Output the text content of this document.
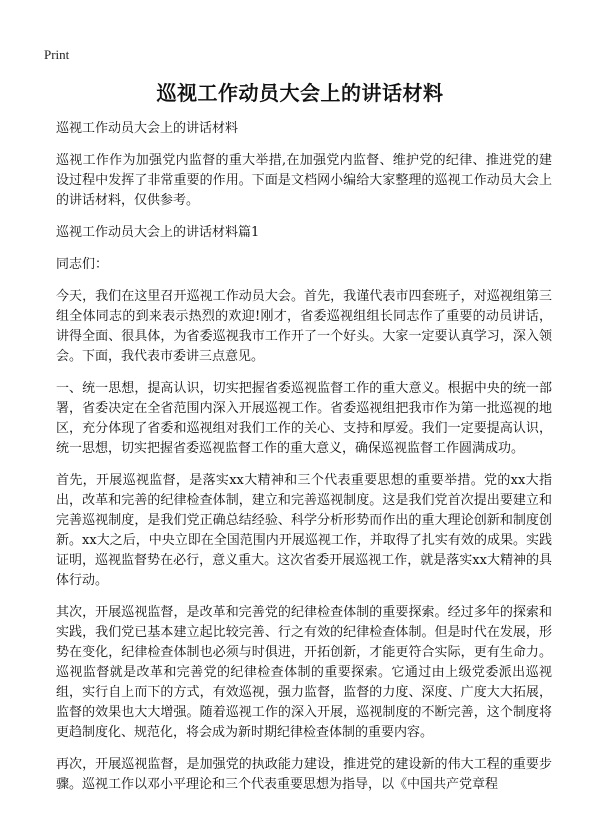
Print
巡视工作动员大会上的讲话材料

巡视工作动员大会上的讲话材料

巡视工作作为加强党内监督的重大举措,在加强党内监督、维护党的纪律、推进党的建设过程中发挥了非常重要的作用。下面是文档网小编给大家整理的巡视工作动员大会上的讲话材料，仅供参考。

巡视工作动员大会上的讲话材料篇1

同志们：

今天，我们在这里召开巡视工作动员大会。首先，我谨代表市四套班子，对巡视组第三组全体同志的到来表示热烈的欢迎!刚才，省委巡视组组长同志作了重要的动员讲话，讲得全面、很具体，为省委巡视我市工作开了一个好头。大家一定要认真学习，深入领会。下面，我代表市委讲三点意见。

一、统一思想，提高认识，切实把握省委巡视监督工作的重大意义。根据中央的统一部署，省委决定在全省范围内深入开展巡视工作。省委巡视组把我市作为第一批巡视的地区，充分体现了省委和巡视组对我们工作的关心、支持和厚爱。我们一定要提高认识，统一思想，切实把握省委巡视监督工作的重大意义，确保巡视监督工作圆满成功。

首先，开展巡视监督，是落实xx大精神和三个代表重要思想的重要举措。党的xx大指出，改革和完善的纪律检查体制，建立和完善巡视制度。这是我们党首次提出要建立和完善巡视制度，是我们党正确总结经验、科学分析形势而作出的重大理论创新和制度创新。xx大之后，中央立即在全国范围内开展巡视工作，并取得了扎实有效的成果。实践证明，巡视监督势在必行，意义重大。这次省委开展巡视工作，就是落实xx大精神的具体行动。

其次，开展巡视监督，是改革和完善党的纪律检查体制的重要探索。经过多年的探索和实践，我们党已基本建立起比较完善、行之有效的纪律检查体制。但是时代在发展，形势在变化，纪律检查体制也必须与时俱进，开拓创新，才能更符合实际，更有生命力。巡视监督就是改革和完善党的纪律检查体制的重要探索。它通过由上级党委派出巡视组，实行自上而下的方式，有效巡视，强力监督，监督的力度、深度、广度大大拓展，监督的效果也大大增强。随着巡视工作的深入开展，巡视制度的不断完善，这个制度将更趋制度化、规范化，将会成为新时期纪律检查体制的重要内容。

再次，开展巡视监督，是加强党的执政能力建设，推进党的建设新的伟大工程的重要步骤。巡视工作以邓小平理论和三个代表重要思想为指导，以《中国共产党章程
